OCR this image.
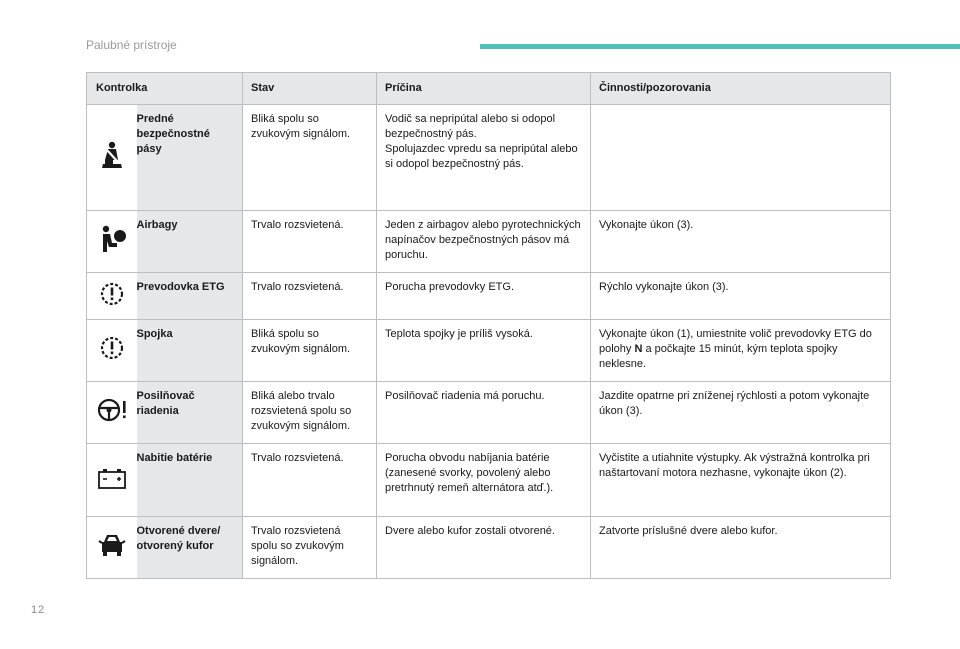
Palubné prístroje
Kontrolka		Stav	Príčina	Činnosti/pozorovania
	Predné bezpečnostné pásy	Bliká spolu so zvukovým signálom.	Vodič sa nepripútal alebo si odopol bezpečnostný pás.
Spolujazdec vpredu sa nepripútal alebo si odopol bezpečnostný pás.	
	Airbagy	Trvalo rozsvietená.	Jeden z airbagov alebo pyrotechnických napínačov bezpečnostných pásov má poruchu.	Vykonajte úkon (3).
	Prevodovka ETG	Trvalo rozsvietená.	Porucha prevodovky ETG.	Rýchlo vykonajte úkon (3).
	Spojka	Bliká spolu so zvukovým signálom.	Teplota spojky je príliš vysoká.	Vykonajte úkon (1), umiestnite volič prevodovky ETG do polohy N a počkajte 15 minút, kým teplota spojky neklesne.
	Posilňovač riadenia	Bliká alebo trvalo rozsvietená spolu so zvukovým signálom.	Posilňovač riadenia má poruchu.	Jazdite opatrne pri zníženej rýchlosti a potom vykonajte úkon (3).
	Nabitie batérie	Trvalo rozsvietená.	Porucha obvodu nabíjania batérie (zanesené svorky, povolený alebo pretrhnutý remeň alternátora atď.).	Vyčistite a utiahnite výstupky. Ak výstražná kontrolka pri naštartovaní motora nezhasne, vykonajte úkon (2).
	Otvorené dvere/ otvorený kufor	Trvalo rozsvietená spolu so zvukovým signálom.	Dvere alebo kufor zostali otvorené.	Zatvorte príslušné dvere alebo kufor.
12
